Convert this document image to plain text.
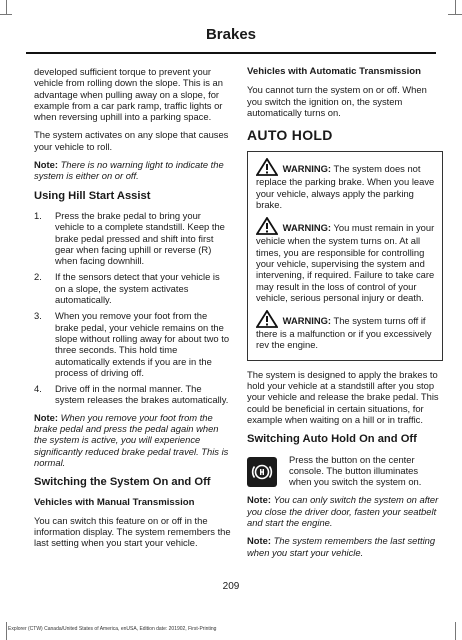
Brakes

developed sufficient torque to prevent your vehicle from rolling down the slope. This is an advantage when pulling away on a slope, for example from a car park ramp, traffic lights or when reversing uphill into a parking space.

The system activates on any slope that causes your vehicle to roll.

Note: There is no warning light to indicate the system is either on or off.

Using Hill Start Assist
1. Press the brake pedal to bring your vehicle to a complete standstill. Keep the brake pedal pressed and shift into first gear when facing uphill or reverse (R) when facing downhill.
2. If the sensors detect that your vehicle is on a slope, the system activates automatically.
3. When you remove your foot from the brake pedal, your vehicle remains on the slope without rolling away for about two to three seconds. This hold time automatically extends if you are in the process of driving off.
4. Drive off in the normal manner. The system releases the brakes automatically.

Note: When you remove your foot from the brake pedal and press the pedal again when the system is active, you will experience significantly reduced brake pedal travel. This is normal.

Switching the System On and Off
Vehicles with Manual Transmission

You can switch this feature on or off in the information display. The system remembers the last setting when you start your vehicle.

Vehicles with Automatic Transmission

You cannot turn the system on or off. When you switch the ignition on, the system automatically turns on.

AUTO HOLD

WARNING: The system does not replace the parking brake. When you leave your vehicle, always apply the parking brake.

WARNING: You must remain in your vehicle when the system turns on. At all times, you are responsible for controlling your vehicle, supervising the system and intervening, if required. Failure to take care may result in the loss of control of your vehicle, serious personal injury or death.

WARNING: The system turns off if there is a malfunction or if you excessively rev the engine.

The system is designed to apply the brakes to hold your vehicle at a standstill after you stop your vehicle and release the brake pedal. This could be beneficial in certain situations, for example when waiting on a hill or in traffic.

Switching Auto Hold On and Off
Press the button on the center console. The button illuminates when you switch the system on.

Note: You can only switch the system on after you close the driver door, fasten your seatbelt and start the engine.

Note: The system remembers the last setting when you start your vehicle.

209
Explorer (CTW) Canada/United States of America, enUSA, Edition date: 201902, First-Printing
